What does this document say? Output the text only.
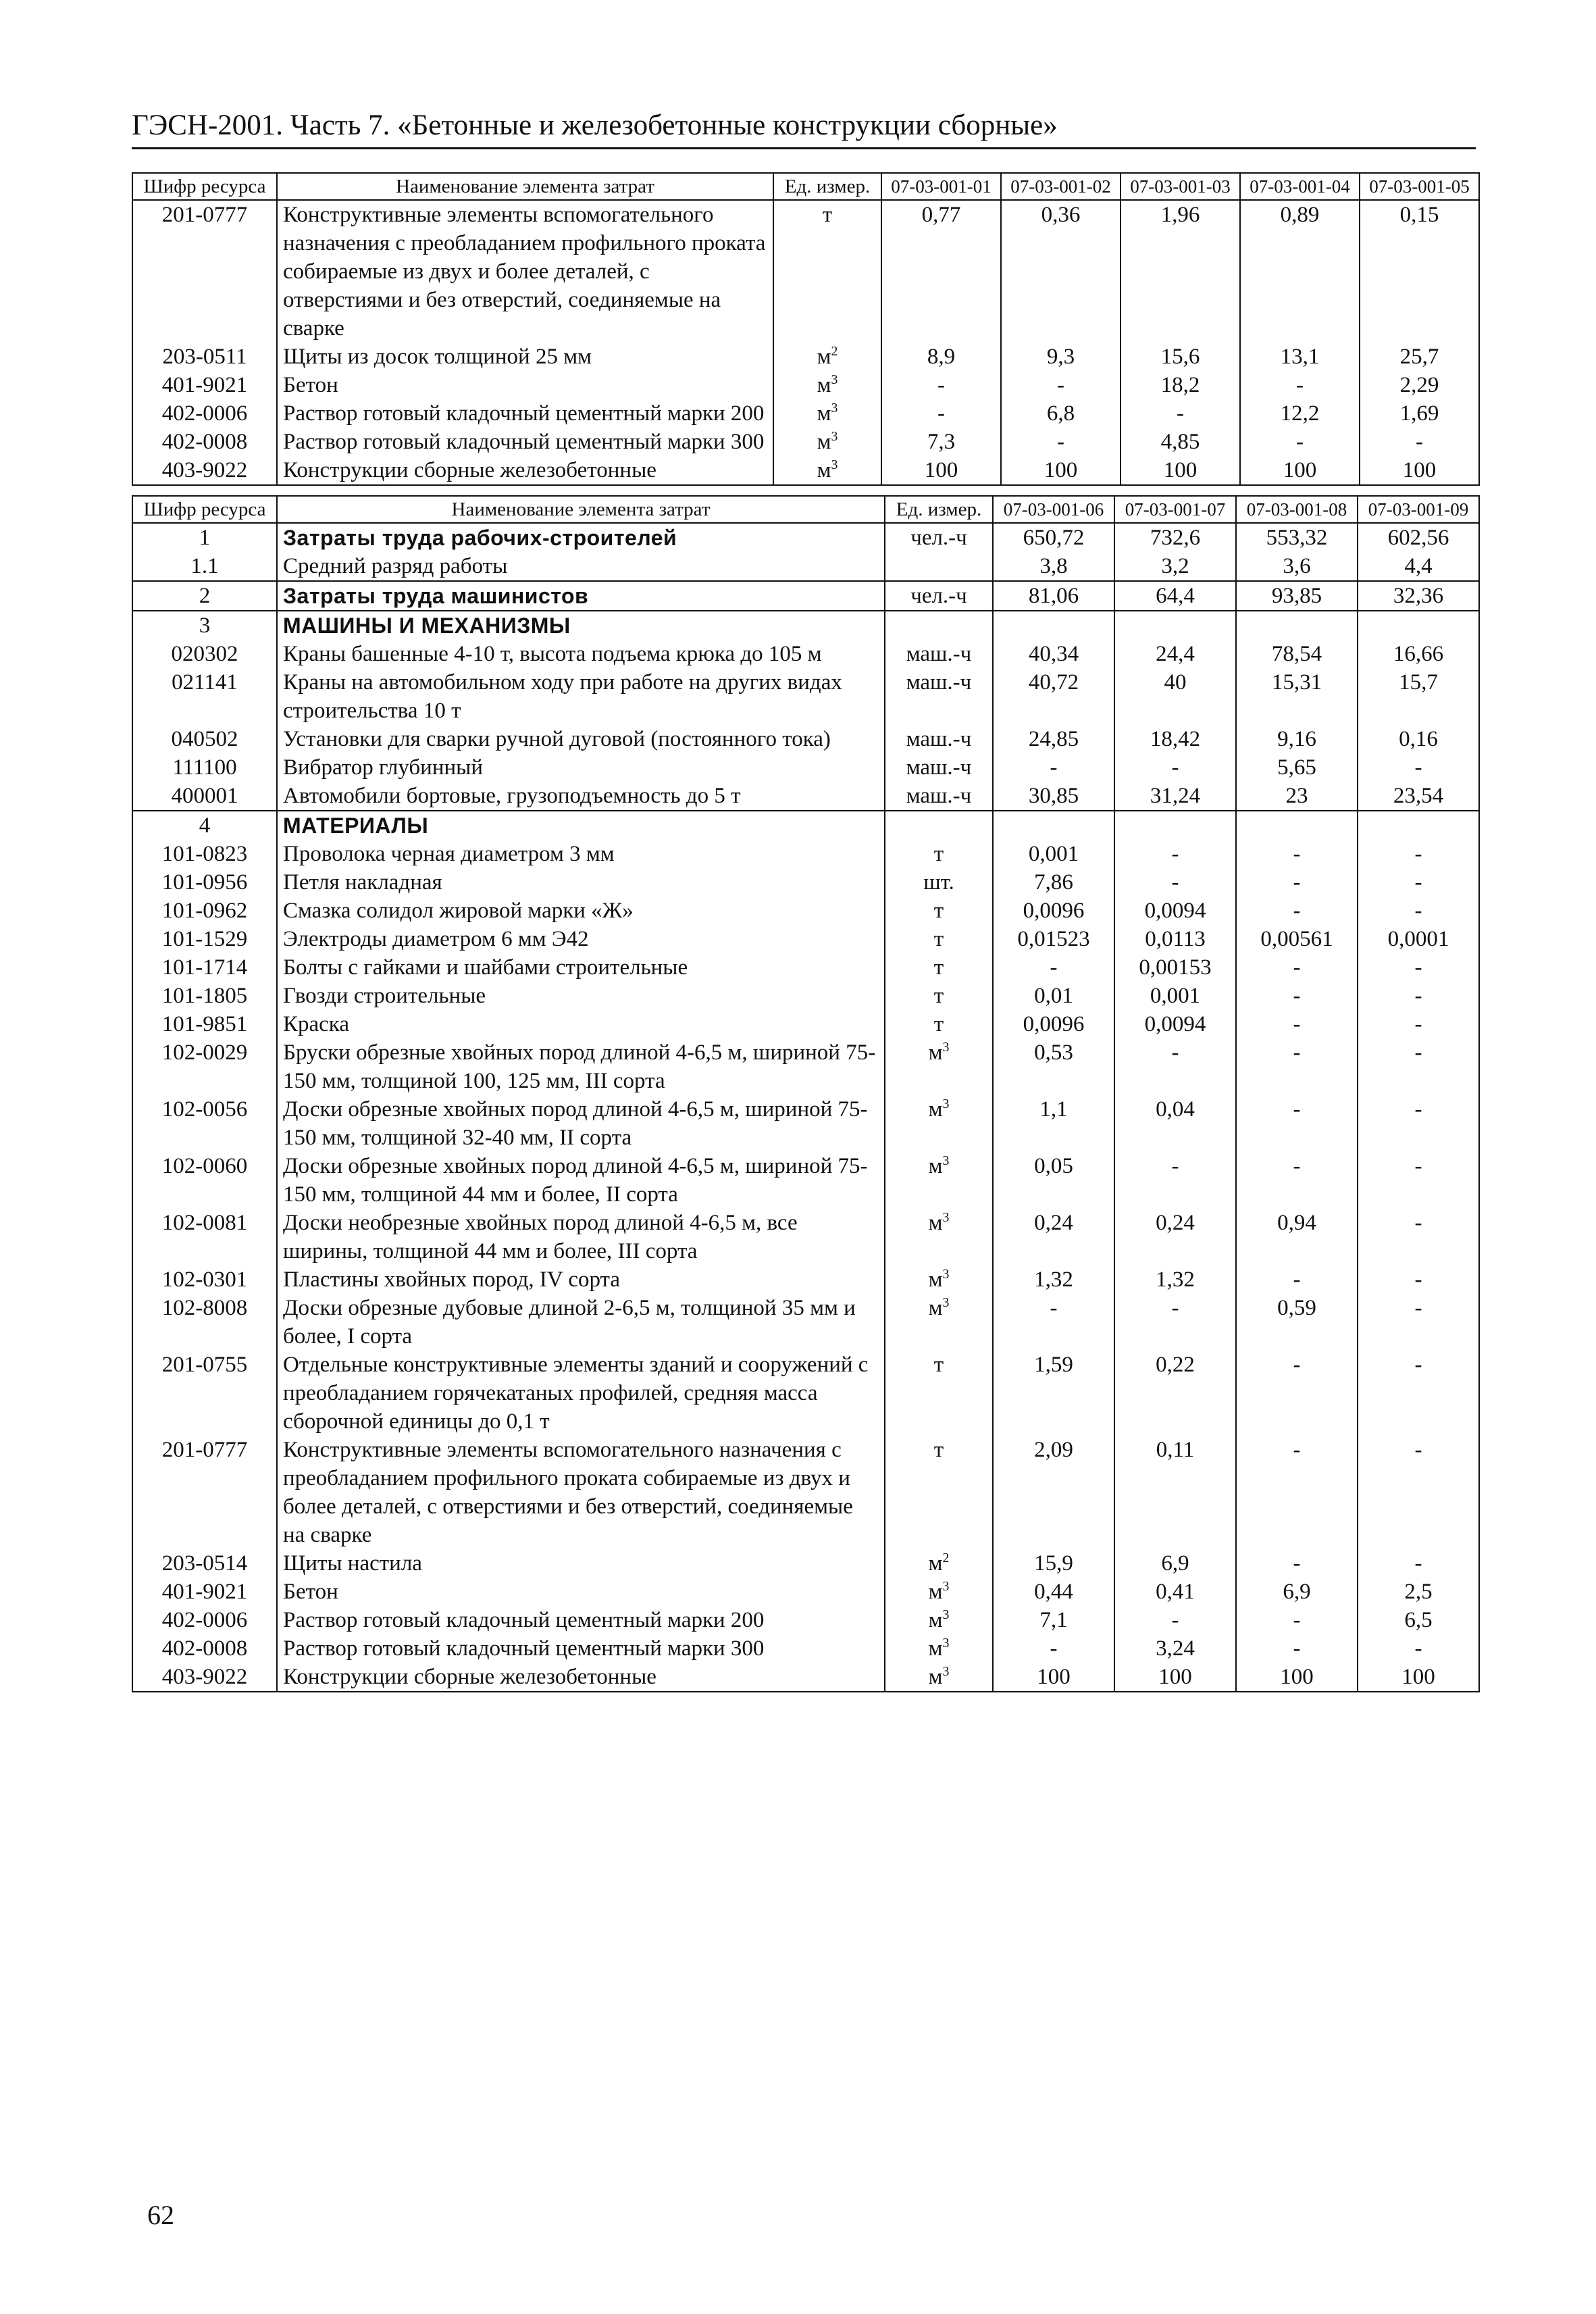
ГЭСН-2001. Часть 7. «Бетонные и железобетонные конструкции сборные»
Шифр ресурса	Наименование элемента затрат	Ед. измер.	07-03-001-01	07-03-001-02	07-03-001-03	07-03-001-04	07-03-001-05
201-0777	Конструктивные элементы вспомогательного назначения с преобладанием профильного проката собираемые из двух и более деталей, с отверстиями и без отверстий, соединяемые на сварке	т	0,77	0,36	1,96	0,89	0,15
203-0511	Щиты из досок толщиной 25 мм	$м^2$	8,9	9,3	15,6	13,1	25,7
401-9021	Бетон	$м^3$	-	-	18,2	-	2,29
402-0006	Раствор готовый кладочный цементный марки 200	$м^3$	-	6,8	-	12,2	1,69
402-0008	Раствор готовый кладочный цементный марки 300	$м^3$	7,3	-	4,85	-	-
403-9022	Конструкции сборные железобетонные	$м^3$	100	100	100	100	100
Шифр ресурса	Наименование элемента затрат	Ед. измер.	07-03-001-06	07-03-001-07	07-03-001-08	07-03-001-09
1	Затраты труда рабочих-строителей	чел.-ч	650,72	732,6	553,32	602,56
1.1	Средний разряд работы		3,8	3,2	3,6	4,4
2	Затраты труда машинистов	чел.-ч	81,06	64,4	93,85	32,36
3	МАШИНЫ И МЕХАНИЗМЫ					
020302	Краны башенные 4-10 т, высота подъема крюка до 105 м	маш.-ч	40,34	24,4	78,54	16,66
021141	Краны на автомобильном ходу при работе на других видах строительства 10 т	маш.-ч	40,72	40	15,31	15,7
040502	Установки для сварки ручной дуговой (постоянного тока)	маш.-ч	24,85	18,42	9,16	0,16
111100	Вибратор глубинный	маш.-ч	-	-	5,65	-
400001	Автомобили бортовые, грузоподъемность до 5 т	маш.-ч	30,85	31,24	23	23,54
4	МАТЕРИАЛЫ					
101-0823	Проволока черная диаметром 3 мм	т	0,001	-	-	-
101-0956	Петля накладная	шт.	7,86	-	-	-
101-0962	Смазка солидол жировой марки «Ж»	т	0,0096	0,0094	-	-
101-1529	Электроды диаметром 6 мм Э42	т	0,01523	0,0113	0,00561	0,0001
101-1714	Болты с гайками и шайбами строительные	т	-	0,00153	-	-
101-1805	Гвозди строительные	т	0,01	0,001	-	-
101-9851	Краска	т	0,0096	0,0094	-	-
102-0029	Бруски обрезные хвойных пород длиной 4-6,5 м, шириной 75-150 мм, толщиной 100, 125 мм, III сорта	$м^3$	0,53	-	-	-
102-0056	Доски обрезные хвойных пород длиной 4-6,5 м, шириной 75-150 мм, толщиной 32-40 мм, II сорта	$м^3$	1,1	0,04	-	-
102-0060	Доски обрезные хвойных пород длиной 4-6,5 м, шириной 75-150 мм, толщиной 44 мм и более, II сорта	$м^3$	0,05	-	-	-
102-0081	Доски необрезные хвойных пород длиной 4-6,5 м, все ширины, толщиной 44 мм и более, III сорта	$м^3$	0,24	0,24	0,94	-
102-0301	Пластины хвойных пород, IV сорта	$м^3$	1,32	1,32	-	-
102-8008	Доски обрезные дубовые длиной 2-6,5 м, толщиной 35 мм и более, I сорта	$м^3$	-	-	0,59	-
201-0755	Отдельные конструктивные элементы зданий и сооружений с преобладанием горячекатаных профилей, средняя масса сборочной единицы до 0,1 т	т	1,59	0,22	-	-
201-0777	Конструктивные элементы вспомогательного назначения с преобладанием профильного проката собираемые из двух и более деталей, с отверстиями и без отверстий, соединяемые на сварке	т	2,09	0,11	-	-
203-0514	Щиты настила	$м^2$	15,9	6,9	-	-
401-9021	Бетон	$м^3$	0,44	0,41	6,9	2,5
402-0006	Раствор готовый кладочный цементный марки 200	$м^3$	7,1	-	-	6,5
402-0008	Раствор готовый кладочный цементный марки 300	$м^3$	-	3,24	-	-
403-9022	Конструкции сборные железобетонные	$м^3$	100	100	100	100
62
